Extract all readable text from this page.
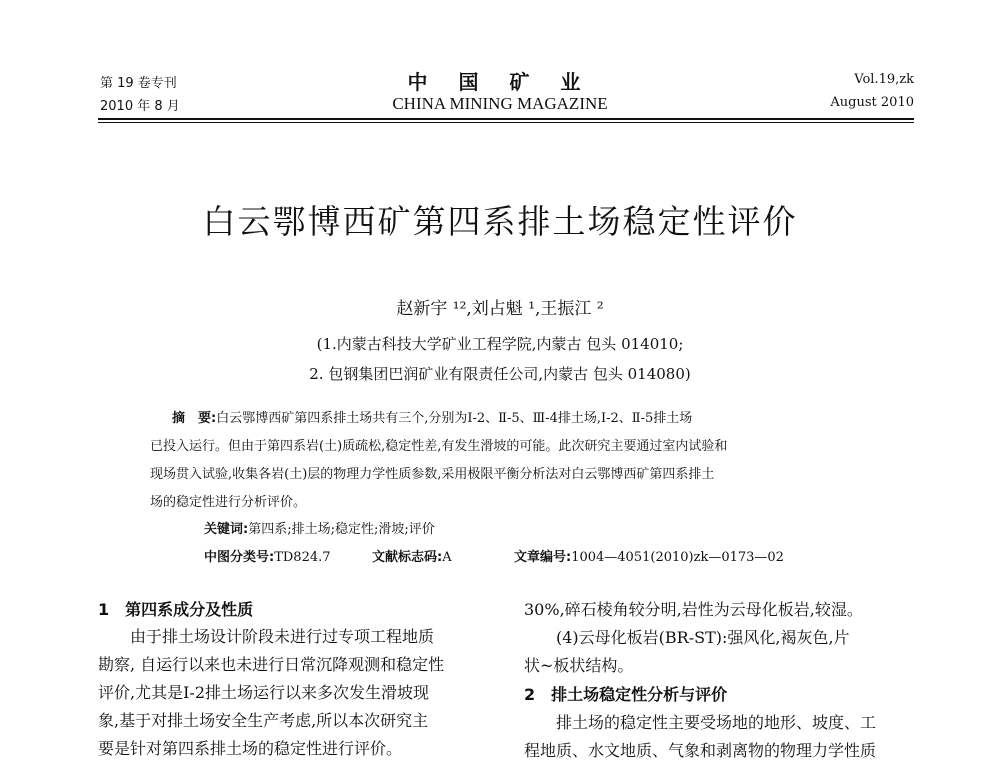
第 19 卷专刊
2010 年 8 月
中 国 矿 业
CHINA MINING MAGAZINE
Vol.19,zk
August 2010
白云鄂博西矿第四系排土场稳定性评价
赵新宇 ¹²,刘占魁 ¹,王振江 ²
(1.内蒙古科技大学矿业工程学院,内蒙古 包头 014010;
2. 包钢集团巴润矿业有限责任公司,内蒙古 包头 014080)
摘　要:白云鄂博西矿第四系排土场共有三个,分别为Ⅰ-2、Ⅱ-5、Ⅲ-4排土场,Ⅰ-2、Ⅱ-5排土场
已投入运行。但由于第四系岩(土)质疏松,稳定性差,有发生滑坡的可能。此次研究主要通过室内试验和
现场贯入试验,收集各岩(土)层的物理力学性质参数,采用极限平衡分析法对白云鄂博西矿第四系排土
场的稳定性进行分析评价。
关键词:第四系;排土场;稳定性;滑坡;评价
中图分类号:TD824.7	文献标志码:A	文章编号:1004—4051(2010)zk—0173—02
1　第四系成分及性质
　　由于排土场设计阶段未进行过专项工程地质
勘察, 自运行以来也未进行日常沉降观测和稳定性
评价,尤其是Ⅰ-2排土场运行以来多次发生滑坡现
象,基于对排土场安全生产考虑,所以本次研究主
要是针对第四系排土场的稳定性进行评价。
30%,碎石棱角较分明,岩性为云母化板岩,较湿。
　　(4)云母化板岩(BR-ST):强风化,褐灰色,片
状~板状结构。
2　排土场稳定性分析与评价
　　排土场的稳定性主要受场地的地形、坡度、工
程地质、水文地质、气象和剥离物的物理力学性质
